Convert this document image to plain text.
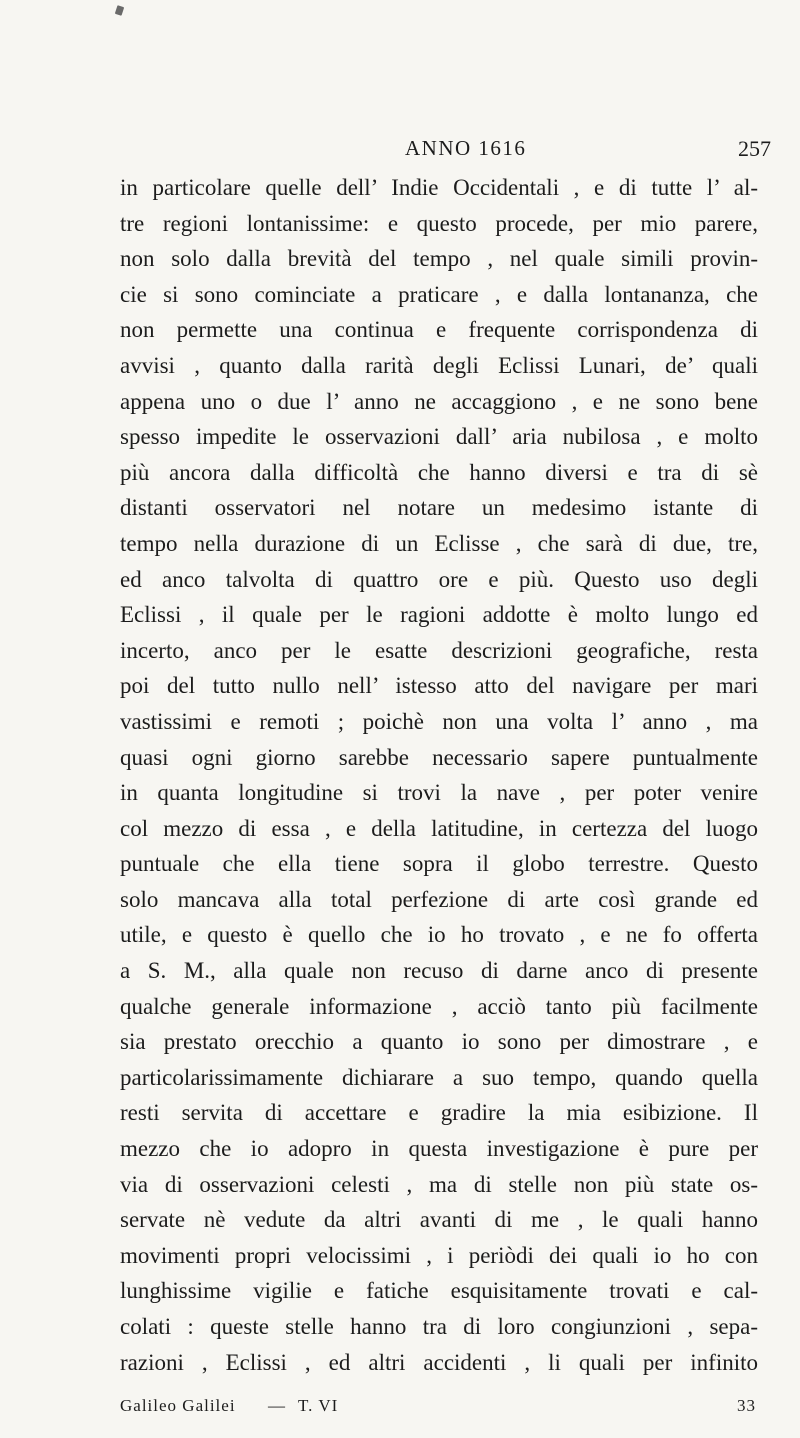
ANNO 1616	257
in particolare quelle dell’ Indie Occidentali , e di tutte l’ al-
tre regioni lontanissime: e questo procede, per mio parere,
non solo dalla brevità del tempo , nel quale simili provin-
cie si sono cominciate a praticare , e dalla lontananza, che
non permette una continua e frequente corrispondenza di
avvisi , quanto dalla rarità degli Eclissi Lunari, de’ quali
appena uno o due l’ anno ne accaggiono , e ne sono bene
spesso impedite le osservazioni dall’ aria nubilosa , e molto
più ancora dalla difficoltà che hanno diversi e tra di sè
distanti osservatori nel notare un medesimo istante di
tempo nella durazione di un Eclisse , che sarà di due, tre,
ed anco talvolta di quattro ore e più. Questo uso degli
Eclissi , il quale per le ragioni addotte è molto lungo ed
incerto, anco per le esatte descrizioni geografiche, resta
poi del tutto nullo nell’ istesso atto del navigare per mari
vastissimi e remoti ; poichè non una volta l’ anno , ma
quasi ogni giorno sarebbe necessario sapere puntualmente
in quanta longitudine si trovi la nave , per poter venire
col mezzo di essa , e della latitudine, in certezza del luogo
puntuale che ella tiene sopra il globo terrestre. Questo
solo mancava alla total perfezione di arte così grande ed
utile, e questo è quello che io ho trovato , e ne fo offerta
a S. M., alla quale non recuso di darne anco di presente
qualche generale informazione , acciò tanto più facilmente
sia prestato orecchio a quanto io sono per dimostrare , e
particolarissimamente dichiarare a suo tempo, quando quella
resti servita di accettare e gradire la mia esibizione. Il
mezzo che io adopro in questa investigazione è pure per
via di osservazioni celesti , ma di stelle non più state os-
servate nè vedute da altri avanti di me , le quali hanno
movimenti propri velocissimi , i periòdi dei quali io ho con
lunghissime vigilie e fatiche esquisitamente trovati e cal-
colati : queste stelle hanno tra di loro congiunzioni , sepa-
razioni , Eclissi , ed altri accidenti , li quali per infinito
Galileo Galilei — T. VI	33
